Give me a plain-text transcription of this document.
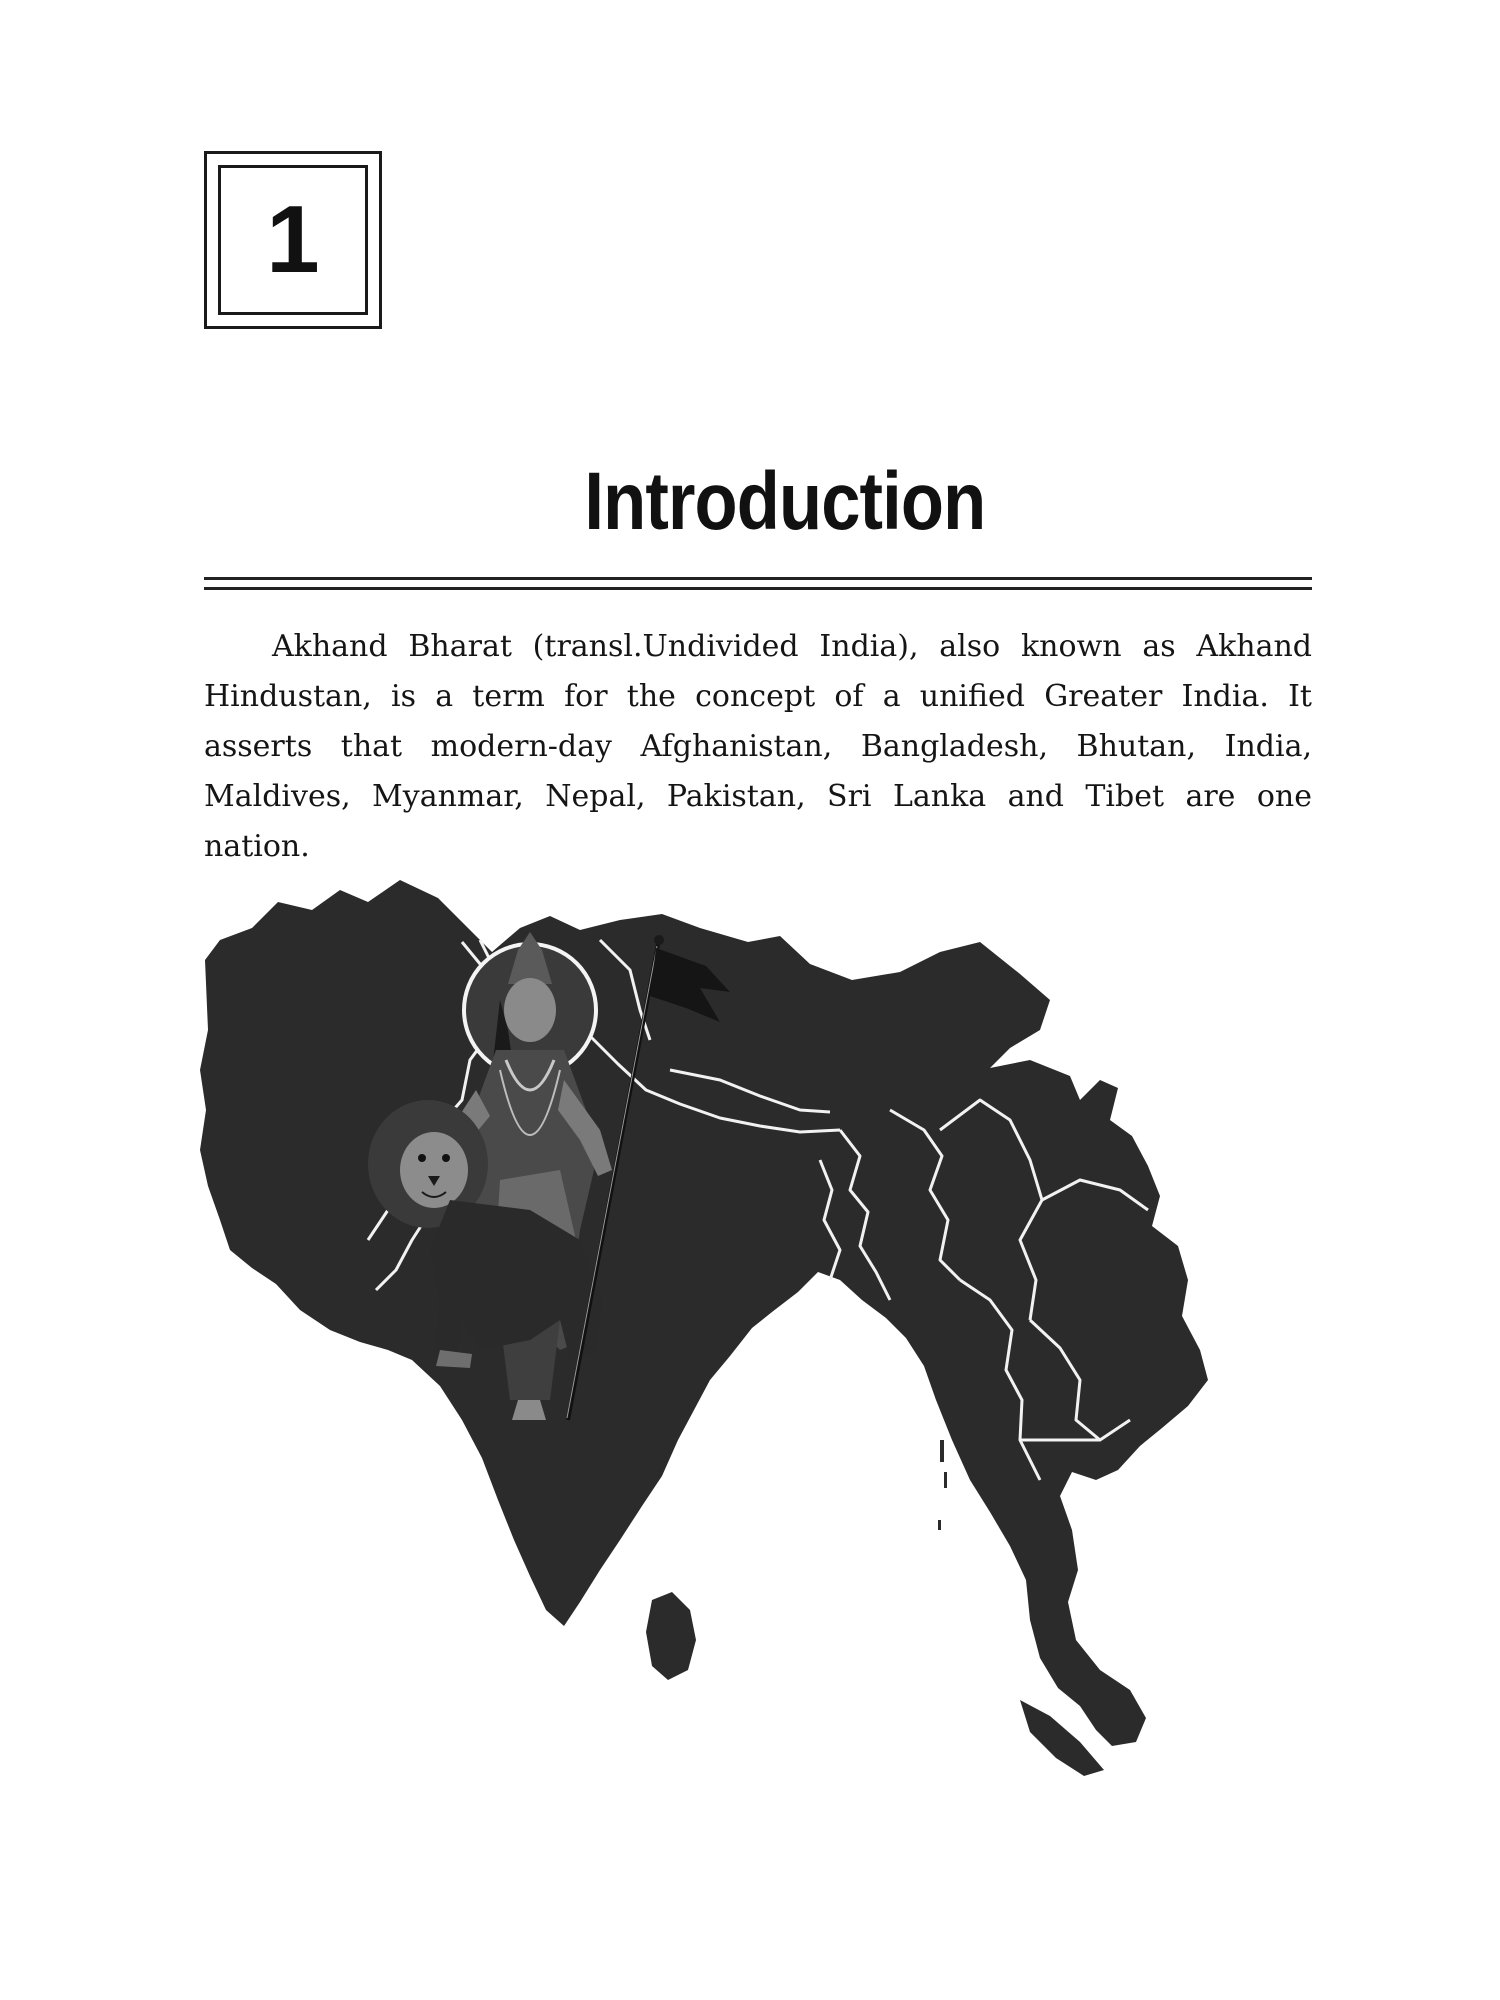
1
Introduction

Akhand Bharat (transl.Undivided India), also known as Akhand Hindustan, is a term for the concept of a unified Greater India. It asserts that modern-day Afghanistan, Bangladesh, Bhutan, India, Maldives, Myanmar, Nepal, Pakistan, Sri Lanka and Tibet are one nation.
